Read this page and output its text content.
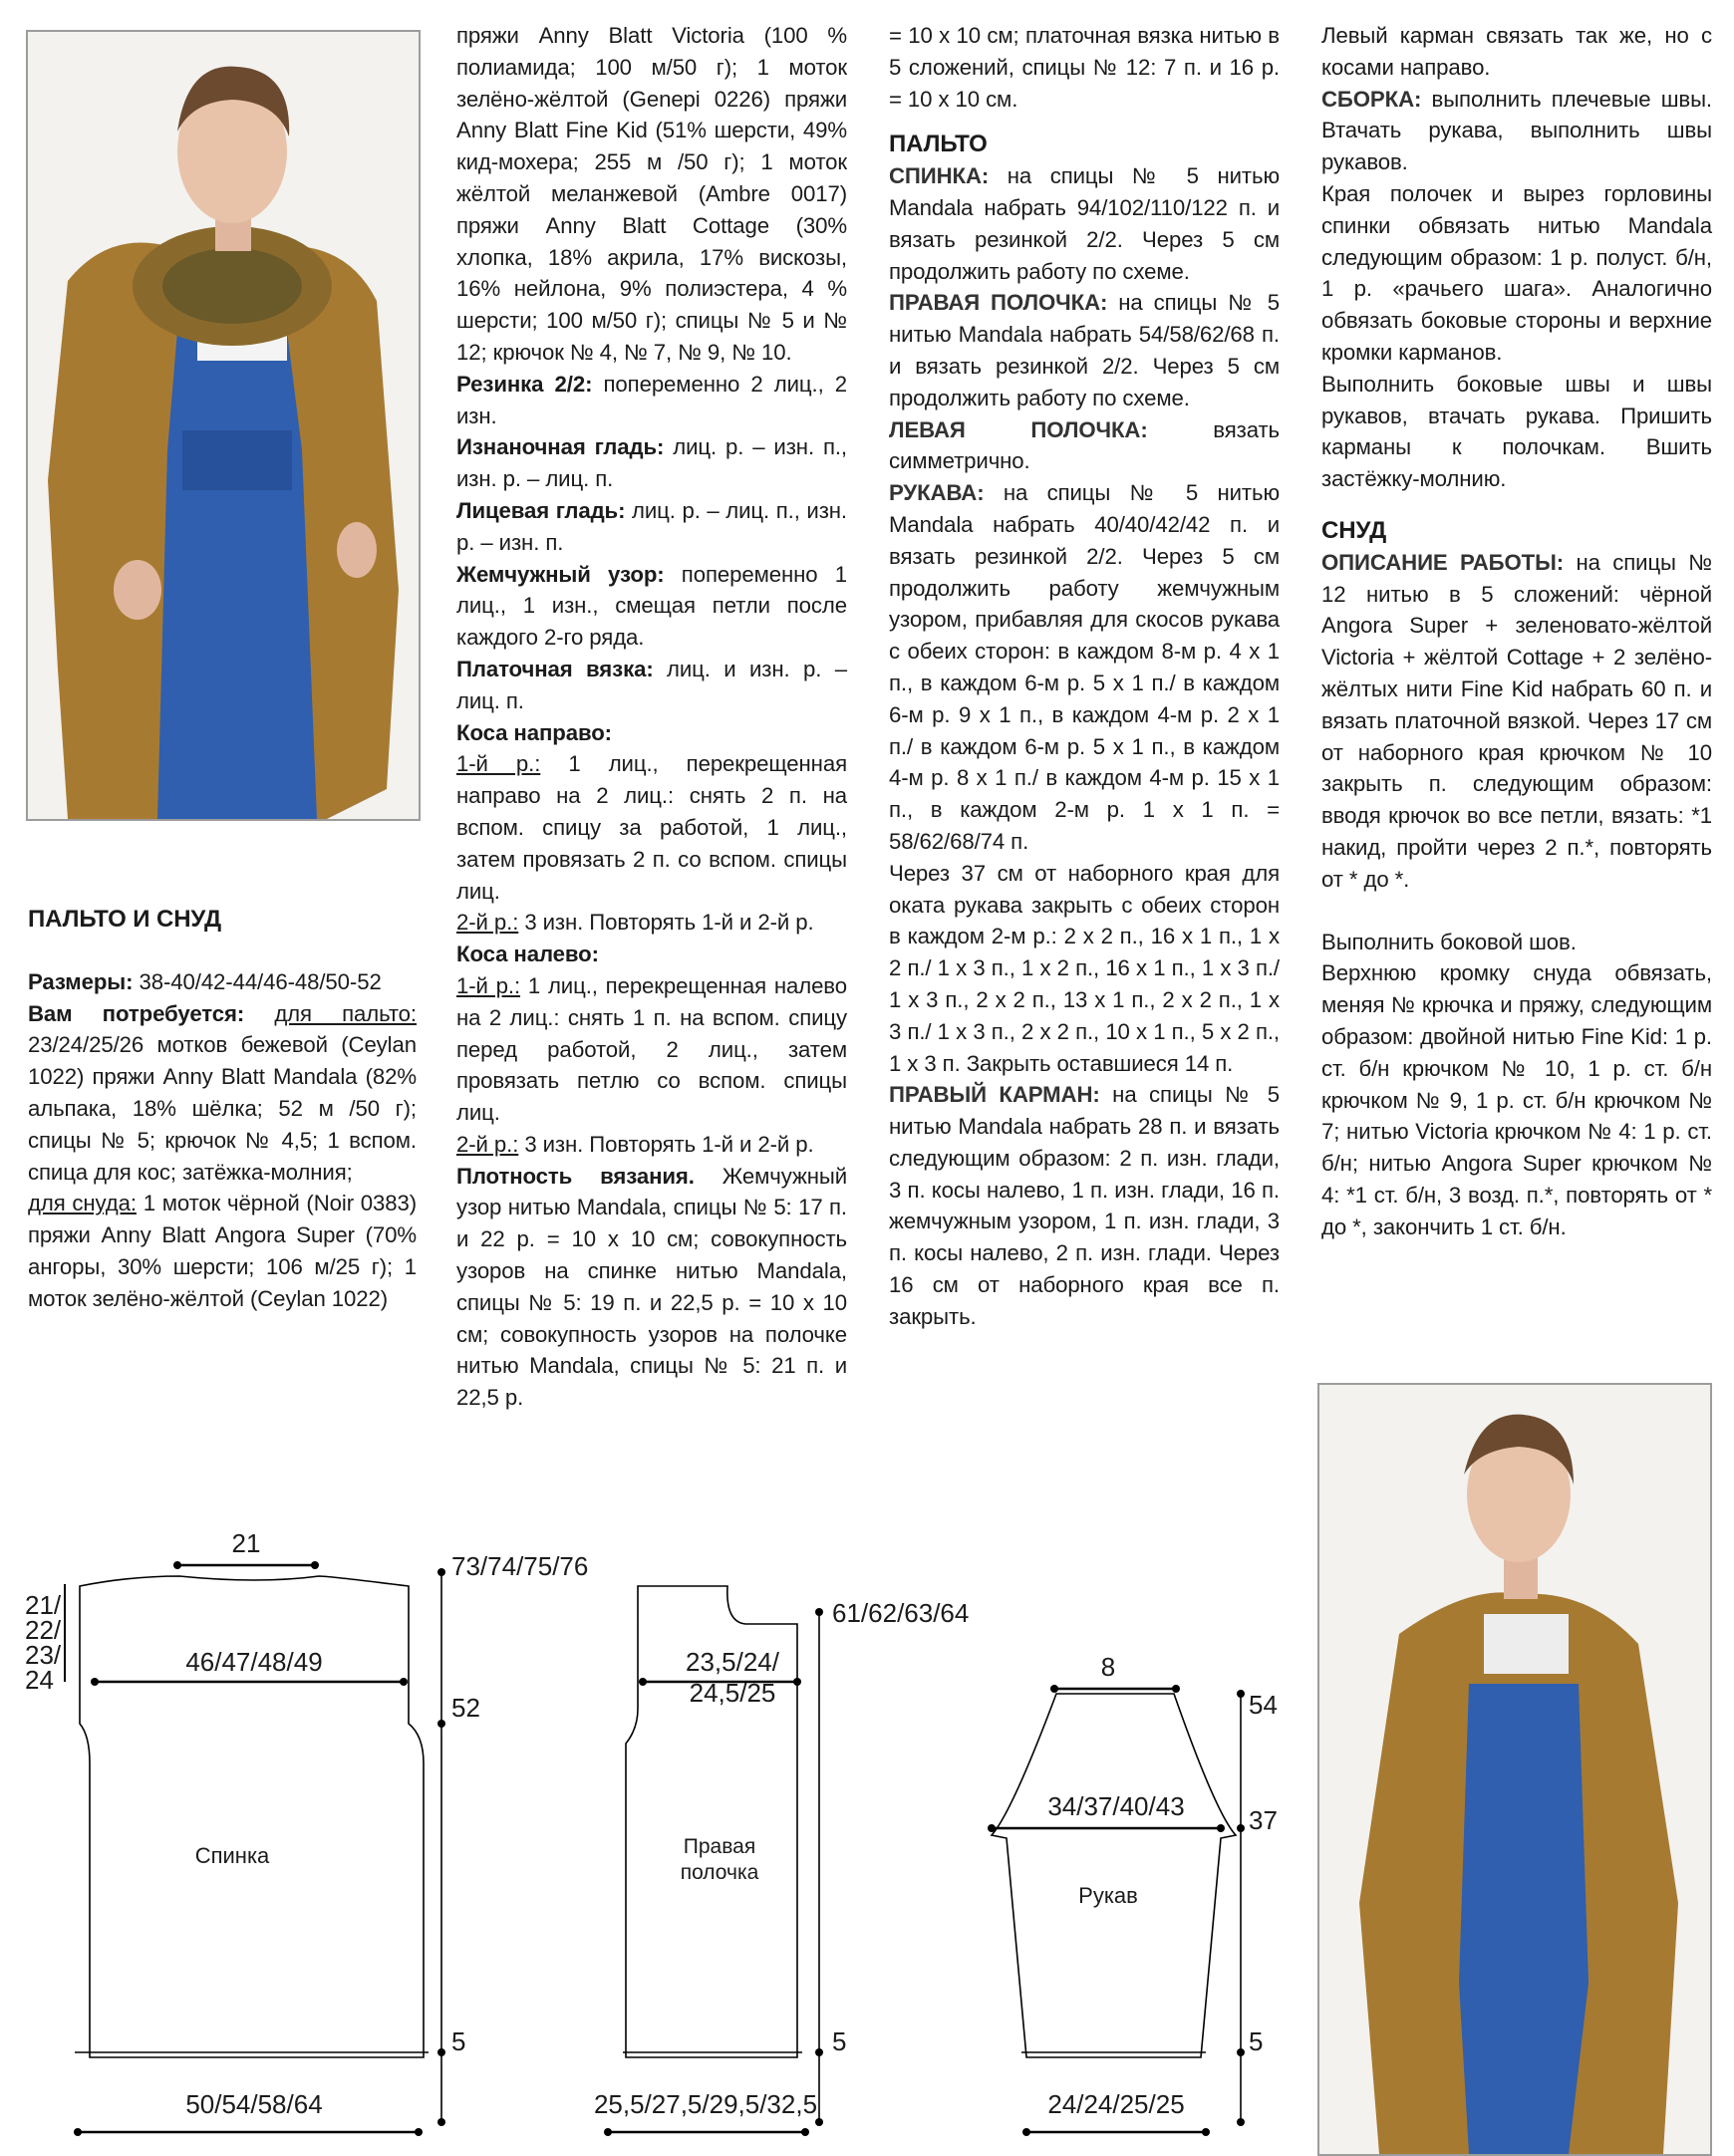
ПАЛЬТО И СНУД

Размеры: 38-40/42-44/46-48/50-52
Вам потребуется: для пальто: 23/24/25/26 мотков бежевой (Ceylan 1022) пряжи Anny Blatt Mandala (82% альпака, 18% шёлка; 52 м /50 г); спицы № 5; крючок № 4,5; 1 вспом. спица для кос; затёжка-молния;
для снуда: 1 моток чёрной (Noir 0383) пряжи Anny Blatt Angora Super (70% ангоры, 30% шерсти; 106 м/25 г); 1 моток зелёно-жёлтой (Ceylan 1022)

пряжи Anny Blatt Victoria (100 % полиамида; 100 м/50 г); 1 моток зелёно-жёлтой (Genepi 0226) пряжи Anny Blatt Fine Kid (51% шерсти, 49% кид-мохера; 255 м /50 г); 1 моток жёлтой меланжевой (Ambre 0017) пряжи Anny Blatt Cottage (30% хлопка, 18% акрила, 17% вискозы, 16% нейлона, 9% полиэстера, 4 % шерсти; 100 м/50 г); спицы № 5 и № 12; крючок № 4, № 7, № 9, № 10.

Резинка 2/2: попеременно 2 лиц., 2 изн.

Изнаночная гладь: лиц. р. – изн. п., изн. р. – лиц. п.

Лицевая гладь: лиц. р. – лиц. п., изн. р. – изн. п.

Жемчужный узор: попеременно 1 лиц., 1 изн., смещая петли после каждого 2-го ряда.

Платочная вязка: лиц. и изн. р. – лиц. п.

Коса направо:

1-й р.: 1 лиц., перекрещенная направо на 2 лиц.: снять 2 п. на вспом. спицу за работой, 1 лиц., затем провязать 2 п. со вспом. спицы лиц.

2-й р.: 3 изн. Повторять 1-й и 2-й р.

Коса налево:

1-й р.: 1 лиц., перекрещенная налево на 2 лиц.: снять 1 п. на вспом. спицу перед работой, 2 лиц., затем провязать петлю со вспом. спицы лиц.

2-й р.: 3 изн. Повторять 1-й и 2-й р.

Плотность вязания. Жемчужный узор нитью Mandala, спицы № 5: 17 п. и 22 р. = 10 x 10 см; совокупность узоров на спинке нитью Mandala, спицы № 5: 19 п. и 22,5 р. = 10 x 10 см; совокупность узоров на полочке нитью Mandala, спицы № 5: 21 п. и 22,5 р.

= 10 x 10 см; платочная вязка нитью в 5 сложений, спицы № 12: 7 п. и 16 р. = 10 x 10 см.

ПАЛЬТО

СПИНКА: на спицы № 5 нитью Mandala набрать 94/102/110/122 п. и вязать резинкой 2/2. Через 5 см продолжить работу по схеме.

ПРАВАЯ ПОЛОЧКА: на спицы № 5 нитью Mandala набрать 54/58/62/68 п. и вязать резинкой 2/2. Через 5 см продолжить работу по схеме.

ЛЕВАЯ ПОЛОЧКА: вязать симметрично.

РУКАВА: на спицы № 5 нитью Mandala набрать 40/40/42/42 п. и вязать резинкой 2/2. Через 5 см продолжить работу жемчужным узором, прибавляя для скосов рукава с обеих сторон: в каждом 8-м р. 4 x 1 п., в каждом 6-м р. 5 x 1 п./ в каждом 6-м р. 9 x 1 п., в каждом 4-м р. 2 x 1 п./ в каждом 6-м р. 5 x 1 п., в каждом 4-м р. 8 x 1 п./ в каждом 4-м р. 15 x 1 п., в каждом 2-м р. 1 x 1 п. = 58/62/68/74 п.

Через 37 см от наборного края для оката рукава закрыть с обеих сторон в каждом 2-м р.: 2 x 2 п., 16 x 1 п., 1 x 2 п./ 1 x 3 п., 1 x 2 п., 16 x 1 п., 1 x 3 п./ 1 x 3 п., 2 x 2 п., 13 x 1 п., 2 x 2 п., 1 x 3 п./ 1 x 3 п., 2 x 2 п., 10 x 1 п., 5 x 2 п., 1 x 3 п. Закрыть оставшиеся 14 п.

ПРАВЫЙ КАРМАН: на спицы № 5 нитью Mandala набрать 28 п. и вязать следующим образом: 2 п. изн. глади, 3 п. косы налево, 1 п. изн. глади, 16 п. жемчужным узором, 1 п. изн. глади, 3 п. косы налево, 2 п. изн. глади. Через 16 см от наборного края все п. закрыть.

Левый карман связать так же, но с косами направо.

СБОРКА: выполнить плечевые швы. Втачать рукава, выполнить швы рукавов.

Края полочек и вырез горловины спинки обвязать нитью Mandala следующим образом: 1 р. полуст. б/н, 1 р. «рачьего шага». Аналогично обвязать боковые стороны и верхние кромки карманов.

Выполнить боковые швы и швы рукавов, втачать рукава. Пришить карманы к полочкам. Вшить застёжку-молнию.

СНУД

ОПИСАНИЕ РАБОТЫ: на спицы № 12 нитью в 5 сложений: чёрной Angora Super + зеленовато-жёлтой Victoria + жёлтой Cottage + 2 зелёно-жёлтых нити Fine Kid набрать 60 п. и вязать платочной вязкой. Через 17 см от наборного края крючком № 10 закрыть п. следующим образом: вводя крючок во все петли, вязать: *1 накид, пройти через 2 п.*, повторять от * до *.

Выполнить боковой шов.

Верхнюю кромку снуда обвязать, меняя № крючка и пряжу, следующим образом: двойной нитью Fine Kid: 1 р. ст. б/н крючком № 10, 1 р. ст. б/н крючком № 9, 1 р. ст. б/н крючком № 7; нитью Victoria крючком № 4: 1 р. ст. б/н; нитью Angora Super крючком № 4: *1 ст. б/н, 3 возд. п.*, повторять от * до *, закончить 1 ст. б/н.

21
46/47/48/49
50/54/58/64
73/74/75/76
52
5
21/
22/
23/
24
Спинка
23,5/24/
24,5/25
25,5/27,5/29,5/32,5
61/62/63/64
5
Правая
полочка
8
34/37/40/43
24/24/25/25
54
37
5
Рукав
